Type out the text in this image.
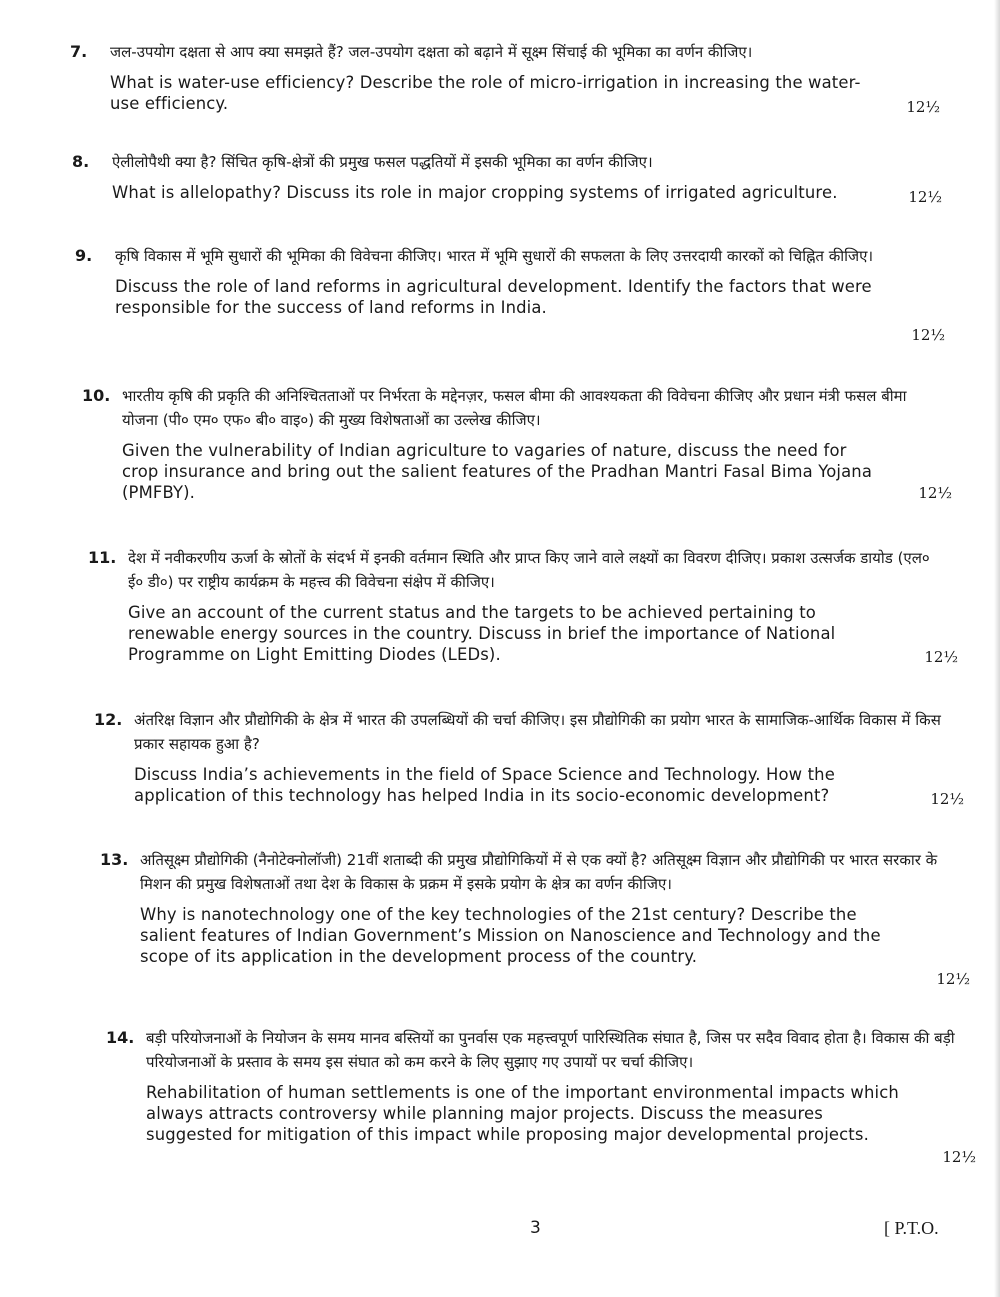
7. जल-उपयोग दक्षता से आप क्या समझते हैं? जल-उपयोग दक्षता को बढ़ाने में सूक्ष्म सिंचाई की भूमिका का वर्णन कीजिए।

What is water-use efficiency? Describe the role of micro-irrigation in increasing the water-use efficiency.	12½
8. ऐलीलोपैथी क्या है? सिंचित कृषि-क्षेत्रों की प्रमुख फसल पद्धतियों में इसकी भूमिका का वर्णन कीजिए।

What is allelopathy? Discuss its role in major cropping systems of irrigated agriculture.	12½
9. कृषि विकास में भूमि सुधारों की भूमिका की विवेचना कीजिए। भारत में भूमि सुधारों की सफलता के लिए उत्तरदायी कारकों को चिह्नित कीजिए।

Discuss the role of land reforms in agricultural development. Identify the factors that were responsible for the success of land reforms in India.

12½
10. भारतीय कृषि की प्रकृति की अनिश्चितताओं पर निर्भरता के मद्देनज़र, फसल बीमा की आवश्यकता की विवेचना कीजिए और प्रधान मंत्री फसल बीमा योजना (पी० एम० एफ० बी० वाइ०) की मुख्य विशेषताओं का उल्लेख कीजिए।

Given the vulnerability of Indian agriculture to vagaries of nature, discuss the need for crop insurance and bring out the salient features of the Pradhan Mantri Fasal Bima Yojana (PMFBY).	12½
11. देश में नवीकरणीय ऊर्जा के स्रोतों के संदर्भ में इनकी वर्तमान स्थिति और प्राप्त किए जाने वाले लक्ष्यों का विवरण दीजिए। प्रकाश उत्सर्जक डायोड (एल० ई० डी०) पर राष्ट्रीय कार्यक्रम के महत्त्व की विवेचना संक्षेप में कीजिए।

Give an account of the current status and the targets to be achieved pertaining to renewable energy sources in the country. Discuss in brief the importance of National Programme on Light Emitting Diodes (LEDs).	12½
12. अंतरिक्ष विज्ञान और प्रौद्योगिकी के क्षेत्र में भारत की उपलब्धियों की चर्चा कीजिए। इस प्रौद्योगिकी का प्रयोग भारत के सामाजिक-आर्थिक विकास में किस प्रकार सहायक हुआ है?

Discuss India’s achievements in the field of Space Science and Technology. How the application of this technology has helped India in its socio-economic development?	12½
13. अतिसूक्ष्म प्रौद्योगिकी (नैनोटेक्नोलॉजी) 21वीं शताब्दी की प्रमुख प्रौद्योगिकियों में से एक क्यों है? अतिसूक्ष्म विज्ञान और प्रौद्योगिकी पर भारत सरकार के मिशन की प्रमुख विशेषताओं तथा देश के विकास के प्रक्रम में इसके प्रयोग के क्षेत्र का वर्णन कीजिए।

Why is nanotechnology one of the key technologies of the 21st century? Describe the salient features of Indian Government’s Mission on Nanoscience and Technology and the scope of its application in the development process of the country.

12½
14. बड़ी परियोजनाओं के नियोजन के समय मानव बस्तियों का पुनर्वास एक महत्त्वपूर्ण पारिस्थितिक संघात है, जिस पर सदैव विवाद होता है। विकास की बड़ी परियोजनाओं के प्रस्ताव के समय इस संघात को कम करने के लिए सुझाए गए उपायों पर चर्चा कीजिए।

Rehabilitation of human settlements is one of the important environmental impacts which always attracts controversy while planning major projects. Discuss the measures suggested for mitigation of this impact while proposing major developmental projects.

12½
3	[ P.T.O.
